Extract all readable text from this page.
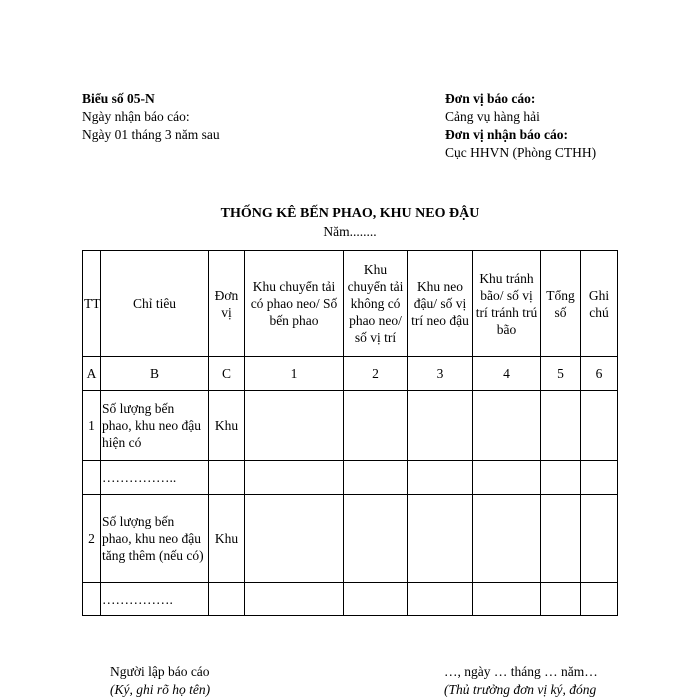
Biểu số 05-N
Ngày nhận báo cáo:
Ngày 01 tháng 3 năm sau
Đơn vị báo cáo:
Cảng vụ hàng hải
Đơn vị nhận báo cáo:
Cục HHVN (Phòng CTHH)
THỐNG KÊ BẾN PHAO, KHU NEO ĐẬU
Năm........
TT	Chỉ tiêu	Đơn vị	Khu chuyển tải có phao neo/ Số bến phao	Khu chuyển tải không có phao neo/ số vị trí	Khu neo đậu/ số vị trí neo đậu	Khu tránh bão/ số vị trí tránh trú bão	Tổng số	Ghi chú
A	B	C	1	2	3	4	5	6
1	Số lượng bến phao, khu neo đậu hiện có	Khu						
	……………..							
2	Số lượng bến phao, khu neo đậu tăng thêm (nếu có)	Khu						
	…………….							
Người lập báo cáo
(Ký, ghi rõ họ tên)
…, ngày … tháng … năm…
(Thủ trưởng đơn vị ký, đóng
